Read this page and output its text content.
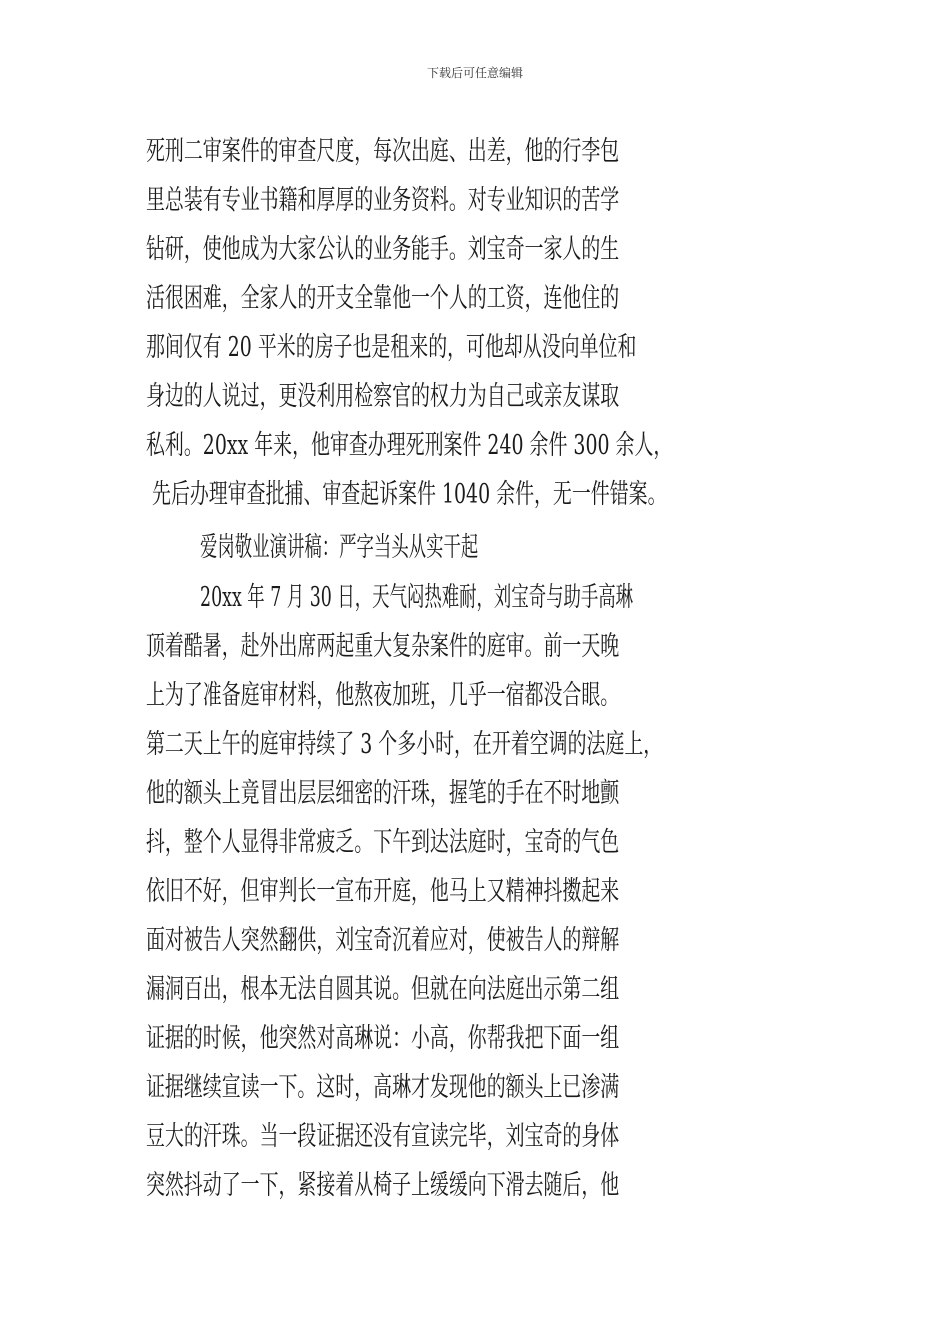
下载后可任意编辑
死刑二审案件的审查尺度，每次出庭、出差，他的行李包
里总装有专业书籍和厚厚的业务资料。对专业知识的苦学
钻研，使他成为大家公认的业务能手。刘宝奇一家人的生
活很困难，全家人的开支全靠他一个人的工资，连他住的
那间仅有 20 平米的房子也是租来的，可他却从没向单位和
身边的人说过，更没利用检察官的权力为自己或亲友谋取
私利。20xx 年来，他审查办理死刑案件 240 余件 300 余人，
先后办理审查批捕、审查起诉案件 1040 余件，无一件错案。
爱岗敬业演讲稿：严字当头从实干起
20xx 年 7 月 30 日，天气闷热难耐，刘宝奇与助手高琳
顶着酷暑，赴外出席两起重大复杂案件的庭审。前一天晚
上为了准备庭审材料，他熬夜加班，几乎一宿都没合眼。
第二天上午的庭审持续了 3 个多小时，在开着空调的法庭上，
他的额头上竟冒出层层细密的汗珠，握笔的手在不时地颤
抖，整个人显得非常疲乏。下午到达法庭时，宝奇的气色
依旧不好，但审判长一宣布开庭，他马上又精神抖擞起来
面对被告人突然翻供，刘宝奇沉着应对，使被告人的辩解
漏洞百出，根本无法自圆其说。但就在向法庭出示第二组
证据的时候，他突然对高琳说：小高，你帮我把下面一组
证据继续宣读一下。这时，高琳才发现他的额头上已渗满
豆大的汗珠。当一段证据还没有宣读完毕，刘宝奇的身体
突然抖动了一下，紧接着从椅子上缓缓向下滑去随后，他
